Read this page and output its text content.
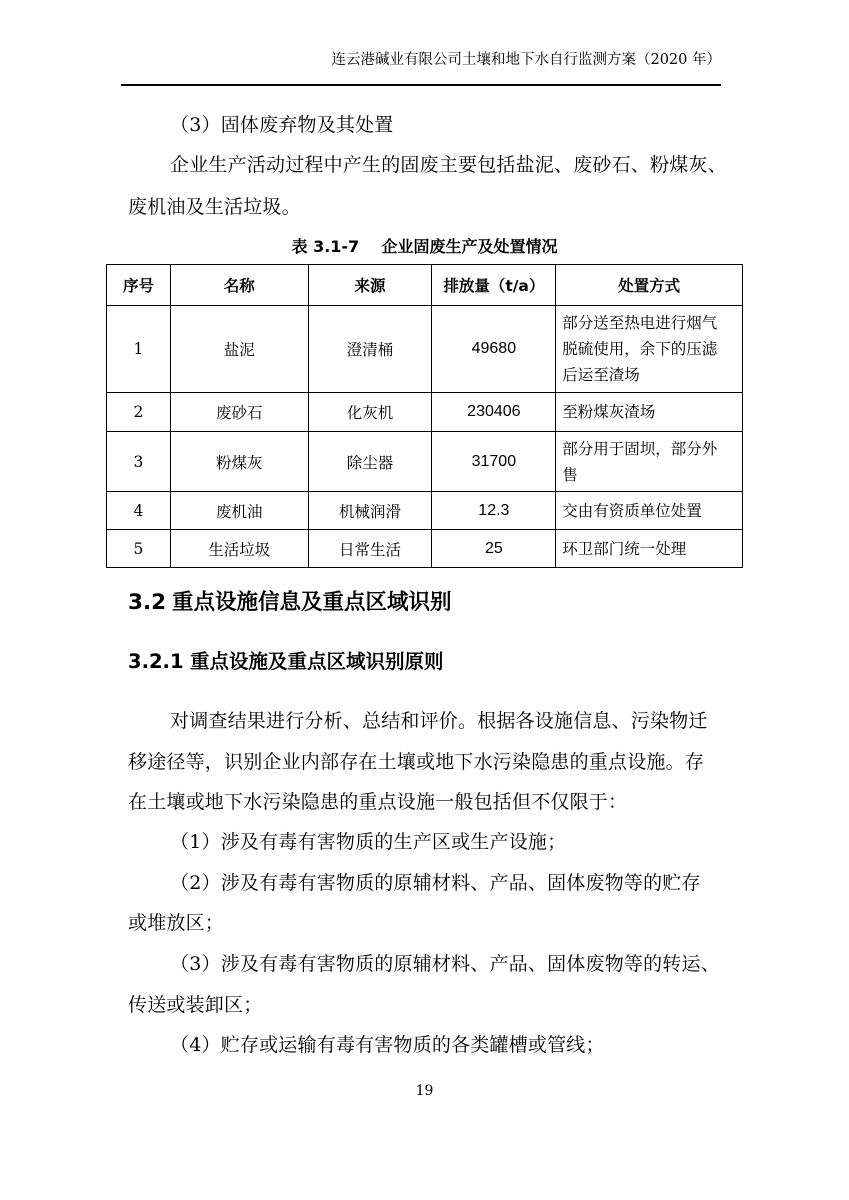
连云港碱业有限公司土壤和地下水自行监测方案（2020 年）
（3）固体废弃物及其处置
企业生产活动过程中产生的固废主要包括盐泥、废砂石、粉煤灰、
废机油及生活垃圾。
表 3.1-7    企业固废生产及处置情况
序号	名称	来源	排放量（t/a）	处置方式
1	盐泥	澄清桶	49680	部分送至热电进行烟气
脱硫使用，余下的压滤
后运至渣场

2	废砂石	化灰机	230406	至粉煤灰渣场

3	粉煤灰	除尘器	31700	部分用于固坝，部分外
售

4	废机油	机械润滑	12.3	交由有资质单位处置

5	生活垃圾	日常生活	25	环卫部门统一处理
3.2 重点设施信息及重点区域识别
3.2.1 重点设施及重点区域识别原则
对调查结果进行分析、总结和评价。根据各设施信息、污染物迁
移途径等，识别企业内部存在土壤或地下水污染隐患的重点设施。存
在土壤或地下水污染隐患的重点设施一般包括但不仅限于：
（1）涉及有毒有害物质的生产区或生产设施；
（2）涉及有毒有害物质的原辅材料、产品、固体废物等的贮存
或堆放区；
（3）涉及有毒有害物质的原辅材料、产品、固体废物等的转运、
传送或装卸区；
（4）贮存或运输有毒有害物质的各类罐槽或管线；
19
